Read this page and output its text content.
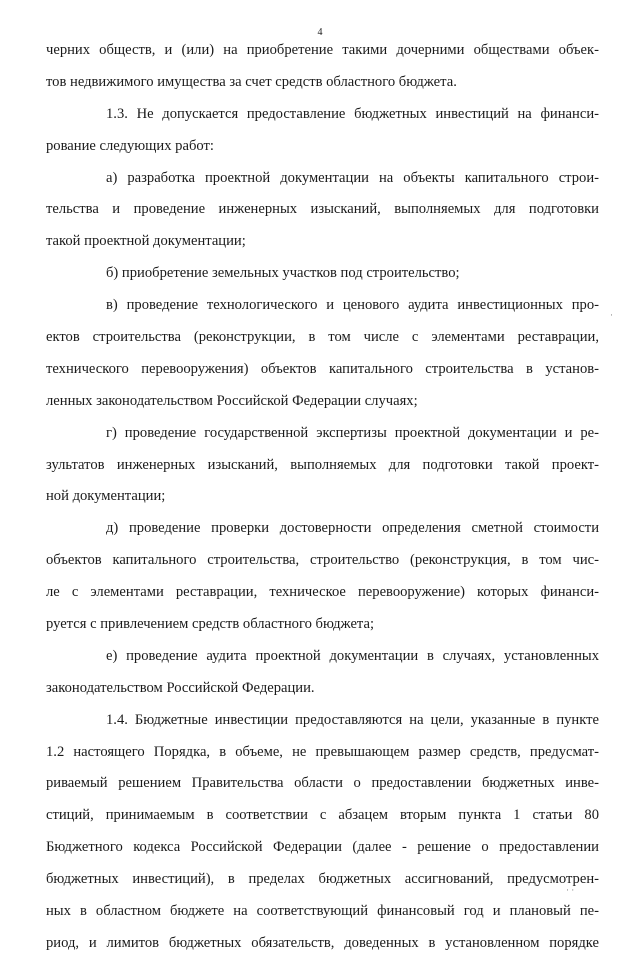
4
черних обществ, и (или) на приобретение такими дочерними обществами объек-
тов недвижимого имущества за счет средств областного бюджета.
1.3. Не допускается предоставление бюджетных инвестиций на финанси-
рование следующих работ:
а) разработка проектной документации на объекты капитального строи-
тельства и проведение инженерных изысканий, выполняемых для подготовки
такой проектной документации;
б) приобретение земельных участков под строительство;
в) проведение технологического и ценового аудита инвестиционных про-
ектов строительства (реконструкции, в том числе с элементами реставрации,
технического перевооружения) объектов капитального строительства в установ-
ленных законодательством Российской Федерации случаях;
г) проведение государственной экспертизы проектной документации и ре-
зультатов инженерных изысканий, выполняемых для подготовки такой проект-
ной документации;
д) проведение проверки достоверности определения сметной стоимости
объектов капитального строительства, строительство (реконструкция, в том чис-
ле с элементами реставрации, техническое перевооружение) которых финанси-
руется с привлечением средств областного бюджета;
е) проведение аудита проектной документации в случаях, установленных
законодательством Российской Федерации.
1.4. Бюджетные инвестиции предоставляются на цели, указанные в пункте
1.2 настоящего Порядка, в объеме, не превышающем размер средств, предусмат-
риваемый решением Правительства области о предоставлении бюджетных инве-
стиций, принимаемым в соответствии с абзацем вторым пункта 1 статьи 80
Бюджетного кодекса Российской Федерации (далее - решение о предоставлении
бюджетных инвестиций), в пределах бюджетных ассигнований, предусмотрен-
ных в областном бюджете на соответствующий финансовый год и плановый пе-
риод, и лимитов бюджетных обязательств, доведенных в установленном порядке
·
· ·
